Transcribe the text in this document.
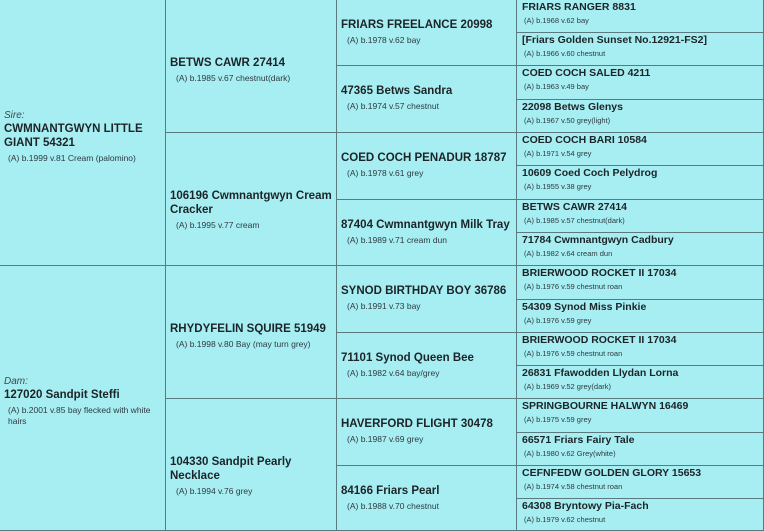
Sire:
CWMNANTGWYN LITTLE GIANT 54321
(A) b.1999 v.81 Cream (palomino)
Dam:
127020 Sandpit Steffi
(A) b.2001 v.85 bay flecked with white hairs
BETWS CAWR 27414
(A) b.1985 v.67 chestnut(dark)
106196 Cwmnantgwyn Cream Cracker
(A) b.1995 v.77 cream
RHYDYFELIN SQUIRE 51949
(A) b.1998 v.80 Bay (may turn grey)
104330 Sandpit Pearly Necklace
(A) b.1994 v.76 grey
FRIARS FREELANCE 20998
(A) b.1978 v.62 bay
47365 Betws Sandra
(A) b.1974 v.57 chestnut
COED COCH PENADUR 18787
(A) b.1978 v.61 grey
87404 Cwmnantgwyn Milk Tray
(A) b.1989 v.71 cream dun
SYNOD BIRTHDAY BOY 36786
(A) b.1991 v.73 bay
71101 Synod Queen Bee
(A) b.1982 v.64 bay/grey
HAVERFORD FLIGHT 30478
(A) b.1987 v.69 grey
84166 Friars Pearl
(A) b.1988 v.70 chestnut
FRIARS RANGER 8831
(A) b.1968 v.62 bay
[Friars Golden Sunset No.12921-FS2]
(A) b.1966 v.60 chestnut
COED COCH SALED 4211
(A) b.1963 v.49 bay
22098 Betws Glenys
(A) b.1967 v.50 grey(light)
COED COCH BARI 10584
(A) b.1971 v.54 grey
10609 Coed Coch Pelydrog
(A) b.1955 v.38 grey
BETWS CAWR 27414
(A) b.1985 v.57 chestnut(dark)
71784 Cwmnantgwyn Cadbury
(A) b.1982 v.64 cream dun
BRIERWOOD ROCKET II 17034
(A) b.1976 v.59 chestnut roan
54309 Synod Miss Pinkie
(A) b.1976 v.59 grey
BRIERWOOD ROCKET II 17034
(A) b.1976 v.59 chestnut roan
26831 Ffawodden Llydan Lorna
(A) b.1969 v.52 grey(dark)
SPRINGBOURNE HALWYN 16469
(A) b.1975 v.59 grey
66571 Friars Fairy Tale
(A) b.1980 v.62 Grey(white)
CEFNFEDW GOLDEN GLORY 15653
(A) b.1974 v.58 chestnut roan
64308 Bryntowy Pia-Fach
(A) b.1979 v.62 chestnut
